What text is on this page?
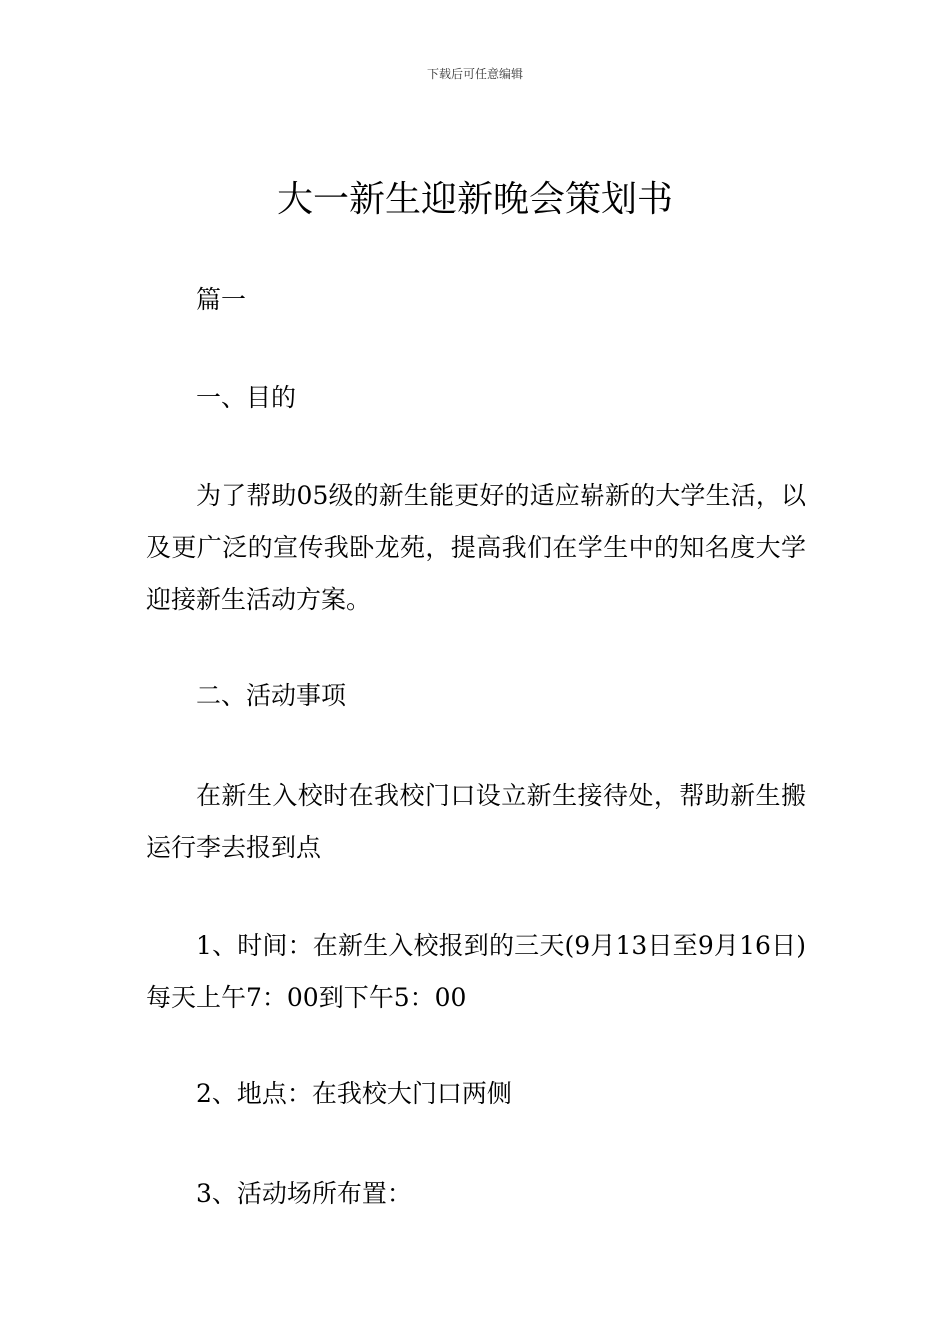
下载后可任意编辑
大一新生迎新晚会策划书

篇一

一、目的

为了帮助05级的新生能更好的适应崭新的大学生活，以及更广泛的宣传我卧龙苑，提高我们在学生中的知名度大学迎接新生活动方案。

二、活动事项

在新生入校时在我校门口设立新生接待处，帮助新生搬运行李去报到点

1、时间：在新生入校报到的三天(9月13日至9月16日)每天上午7：00到下午5：00

2、地点：在我校大门口两侧

3、活动场所布置：
